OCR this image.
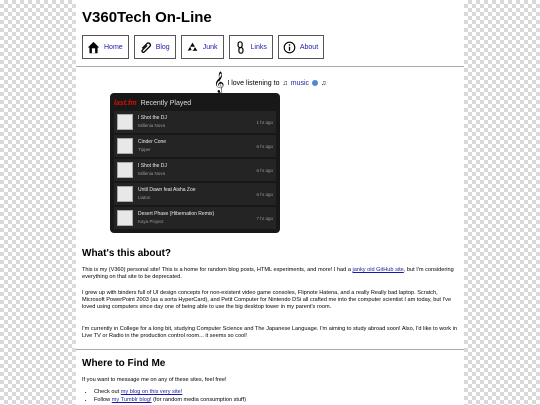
V360Tech On-Line
Home	Blog	Junk	Links	About
𝄞 I love listening to ♫ music ♫
last.fm Recently Played
I Shot the DJ
Millenia Nova
1 hr ago
Cinder Cone
Tipper
6 hr ago
I Shot the DJ
Millenia Nova
6 hr ago
Until Dawn feat Aisha Zoe
Liaton
6 hr ago
Desert Phase (Hibernation Remix)
Kaya Project
7 hr ago
What's this about?

This is my (V360) personal site! This is a home for random blog posts, HTML experiments, and more! I had a janky old GitHub site, but I'm considering everything on that site to be deprecated.

I grew up with binders full of UI design concepts for non-existent video game consoles, Flipnote Hatena, and a really Really bad laptop. Scratch, Microsoft PowerPoint 2003 (as a sorta HyperCard), and Petit Computer for Nintendo DSi all crafted me into the computer scientist I am today, but I've loved using computers since day one of being able to use the big desktop tower in my parent's room.

I'm currently in College for a long bit, studying Computer Science and The Japanese Language. I'm aiming to study abroad soon! Also, I'd like to work in Live TV or Radio in the production control room... it seems so cool!

Where to Find Me

If you want to message me on any of these sites, feel free!

• Check out my blog on this very site!
• Follow my Tumblr blog! (for random media consumption stuff)
